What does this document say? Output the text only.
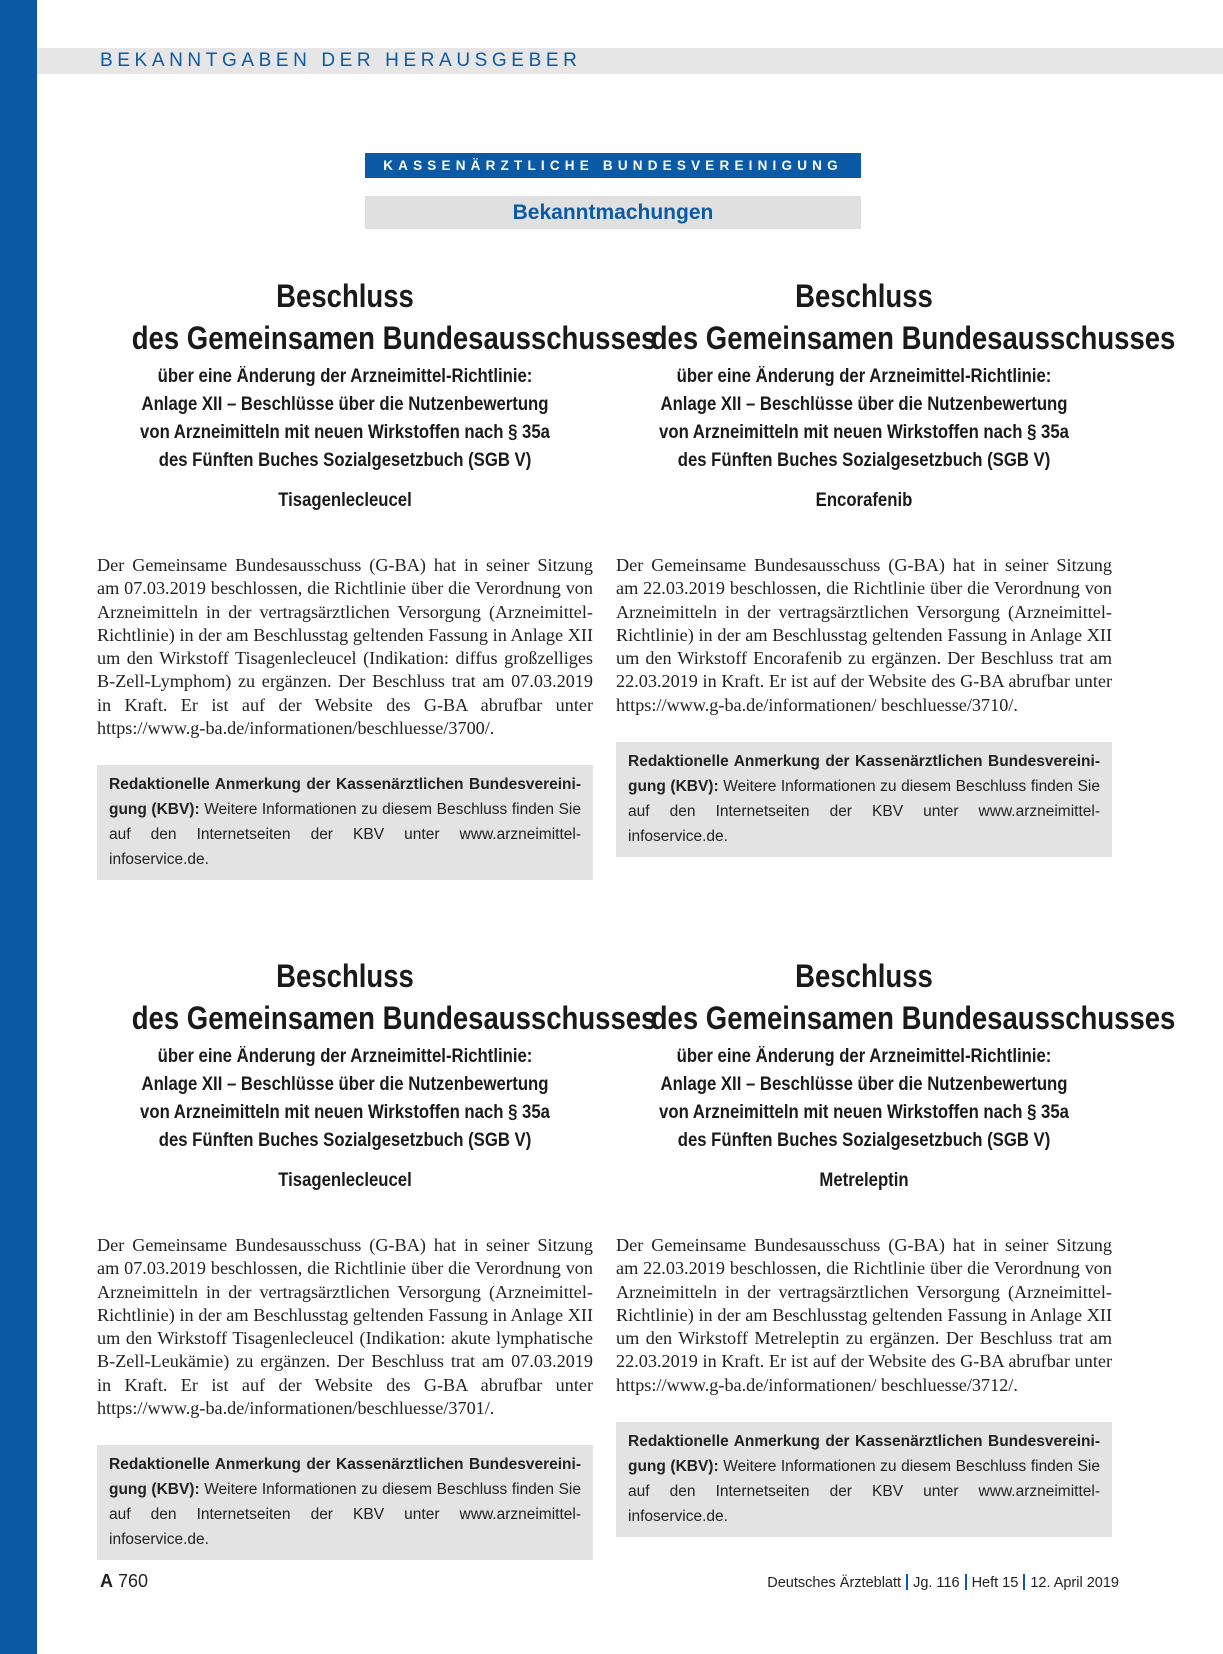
BEKANNTGABEN DER HERAUSGEBER
KASSENÄRZTLICHE BUNDESVEREINIGUNG
Bekanntmachungen
Beschluss
des Gemeinsamen Bundesausschusses
über eine Änderung der Arzneimittel-Richtlinie:
Anlage XII – Beschlüsse über die Nutzenbewertung
von Arzneimitteln mit neuen Wirkstoffen nach § 35a
des Fünften Buches Sozialgesetzbuch (SGB V)
Tisagenlecleucel
Der Gemeinsame Bundesausschuss (G-BA) hat in seiner Sitzung am 07.03.2019 beschlossen, die Richtlinie über die Verordnung von Arzneimitteln in der vertragsärztlichen Versorgung (Arzneimittel-Richtlinie) in der am Beschlusstag geltenden Fassung in Anlage XII um den Wirkstoff Tisagenlecleucel (Indikation: diffus großzelliges B-Zell-Lymphom) zu ergänzen. Der Beschluss trat am 07.03.2019 in Kraft. Er ist auf der Website des G-BA abrufbar unter https://www.g-ba.de/informationen/beschluesse/3700/.
Redaktionelle Anmerkung der Kassenärztlichen Bundesvereinigung (KBV): Weitere Informationen zu diesem Beschluss finden Sie auf den Internetseiten der KBV unter www.arzneimittel-infoservice.de.
Beschluss
des Gemeinsamen Bundesausschusses
über eine Änderung der Arzneimittel-Richtlinie:
Anlage XII – Beschlüsse über die Nutzenbewertung
von Arzneimitteln mit neuen Wirkstoffen nach § 35a
des Fünften Buches Sozialgesetzbuch (SGB V)
Encorafenib
Der Gemeinsame Bundesausschuss (G-BA) hat in seiner Sitzung am 22.03.2019 beschlossen, die Richtlinie über die Verordnung von Arzneimitteln in der vertragsärztlichen Versorgung (Arzneimittel-Richtlinie) in der am Beschlusstag geltenden Fassung in Anlage XII um den Wirkstoff Encorafenib zu ergänzen. Der Beschluss trat am 22.03.2019 in Kraft. Er ist auf der Website des G-BA abrufbar unter https://www.g-ba.de/informationen/ beschluesse/3710/.
Redaktionelle Anmerkung der Kassenärztlichen Bundesvereinigung (KBV): Weitere Informationen zu diesem Beschluss finden Sie auf den Internetseiten der KBV unter www.arzneimittel-infoservice.de.
Beschluss
des Gemeinsamen Bundesausschusses
über eine Änderung der Arzneimittel-Richtlinie:
Anlage XII – Beschlüsse über die Nutzenbewertung
von Arzneimitteln mit neuen Wirkstoffen nach § 35a
des Fünften Buches Sozialgesetzbuch (SGB V)
Tisagenlecleucel
Der Gemeinsame Bundesausschuss (G-BA) hat in seiner Sitzung am 07.03.2019 beschlossen, die Richtlinie über die Verordnung von Arzneimitteln in der vertragsärztlichen Versorgung (Arzneimittel-Richtlinie) in der am Beschlusstag geltenden Fassung in Anlage XII um den Wirkstoff Tisagenlecleucel (Indikation: akute lymphatische B-Zell-Leukämie) zu ergänzen. Der Beschluss trat am 07.03.2019 in Kraft. Er ist auf der Website des G-BA abrufbar unter https://www.g-ba.de/informationen/beschluesse/3701/.
Redaktionelle Anmerkung der Kassenärztlichen Bundesvereinigung (KBV): Weitere Informationen zu diesem Beschluss finden Sie auf den Internetseiten der KBV unter www.arzneimittel-infoservice.de.
Beschluss
des Gemeinsamen Bundesausschusses
über eine Änderung der Arzneimittel-Richtlinie:
Anlage XII – Beschlüsse über die Nutzenbewertung
von Arzneimitteln mit neuen Wirkstoffen nach § 35a
des Fünften Buches Sozialgesetzbuch (SGB V)
Metreleptin
Der Gemeinsame Bundesausschuss (G-BA) hat in seiner Sitzung am 22.03.2019 beschlossen, die Richtlinie über die Verordnung von Arzneimitteln in der vertragsärztlichen Versorgung (Arzneimittel-Richtlinie) in der am Beschlusstag geltenden Fassung in Anlage XII um den Wirkstoff Metreleptin zu ergänzen. Der Beschluss trat am 22.03.2019 in Kraft. Er ist auf der Website des G-BA abrufbar unter https://www.g-ba.de/informationen/ beschluesse/3712/.
Redaktionelle Anmerkung der Kassenärztlichen Bundesvereinigung (KBV): Weitere Informationen zu diesem Beschluss finden Sie auf den Internetseiten der KBV unter www.arzneimittel-infoservice.de.
A 760	Deutsches Ärzteblatt Jg. 116 Heft 15 12. April 2019
